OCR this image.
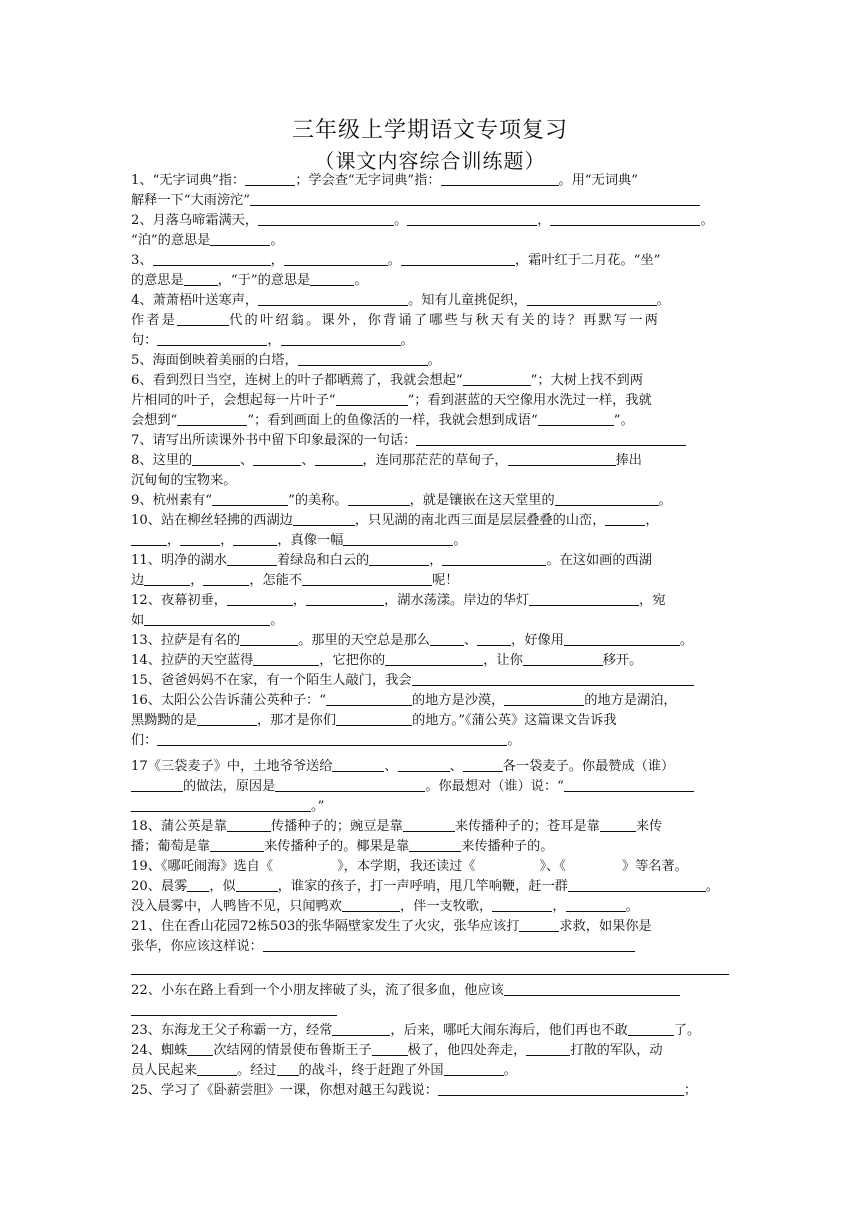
三年级上学期语文专项复习
（课文内容综合训练题）
1、“无字词典”指：	；学会查“无字词典”指：	。用“无词典”
解释一下“大雨滂沱”
2、月落乌啼霜满天，	。	，	。
“泊”的意思是	。
3、	，	。	，霜叶红于二月花。“坐”
的意思是	，“于”的意思是	。
4、萧萧梧叶送寒声，	。知有儿童挑促织，	。
作者是	代的叶绍翁。课外，你背诵了哪些与秋天有关的诗？再默写一两
句：	，	。
5、海面倒映着美丽的白塔，	。
6、看到烈日当空，连树上的叶子都晒蔫了，我就会想起“	”；大树上找不到两
片相同的叶子，会想起每一片叶子“	”；看到湛蓝的天空像用水洗过一样，我就
会想到“	”；看到画面上的鱼像活的一样，我就会想到成语“	”。
7、请写出所读课外书中留下印象最深的一句话：
8、这里的	、	、	，连同那茫茫的草甸子，	捧出
沉甸甸的宝物来。
9、杭州素有“	”的美称。	，就是镶嵌在这天堂里的	。
10、站在柳丝轻拂的西湖边	，只见湖的南北西三面是层层叠叠的山峦，	，
，	，	，真像一幅	。
11、明净的湖水	着绿岛和白云的	，	。在这如画的西湖
边	，	，怎能不	呢！
12、夜幕初垂，	，	，湖水荡漾。岸边的华灯	，宛
如	。
13、拉萨是有名的	。那里的天空总是那么	、	，好像用	。
14、拉萨的天空蓝得	，它把你的	，让你	移开。
15、爸爸妈妈不在家，有一个陌生人敲门，我会
16、太阳公公告诉蒲公英种子：“	的地方是沙漠，	的地方是湖泊，
黑黝黝的是	，那才是你们	的地方。”《蒲公英》这篇课文告诉我
们：	。
17《三袋麦子》中，土地爷爷送给	、	、	各一袋麦子。你最赞成（谁）
的做法，原因是	。你最想对（谁）说：“
。”
18、蒲公英是靠	传播种子的；豌豆是靠	来传播种子的；苍耳是靠	来传
播；葡萄是靠	来传播种子的。椰果是靠	来传播种子的。
19、《哪吒闹海》选自《	》，本学期，我还读过《	》、《	》等名著。
20、晨雾 ，似	，谁家的孩子，打一声呼哨，甩几竿响鞭，赶一群	。
没入晨雾中，人鸭皆不见，只闻鸭欢	，伴一支牧歌，	，	。
21、住在香山花园72栋503的张华隔壁家发生了火灾，张华应该打	求救，如果你是
张华，你应该这样说：
22、小东在路上看到一个小朋友摔破了头，流了很多血，他应该
23、东海龙王父子称霸一方，经常	，后来，哪吒大闹东海后，他们再也不敢	了。
24、蜘蛛 次结网的情景使布鲁斯王子	极了，他四处奔走，	打散的军队，动
员人民起来	。经过 的战斗，终于赶跑了外国	。
25、学习了《卧薪尝胆》一课，你想对越王勾践说：	；
